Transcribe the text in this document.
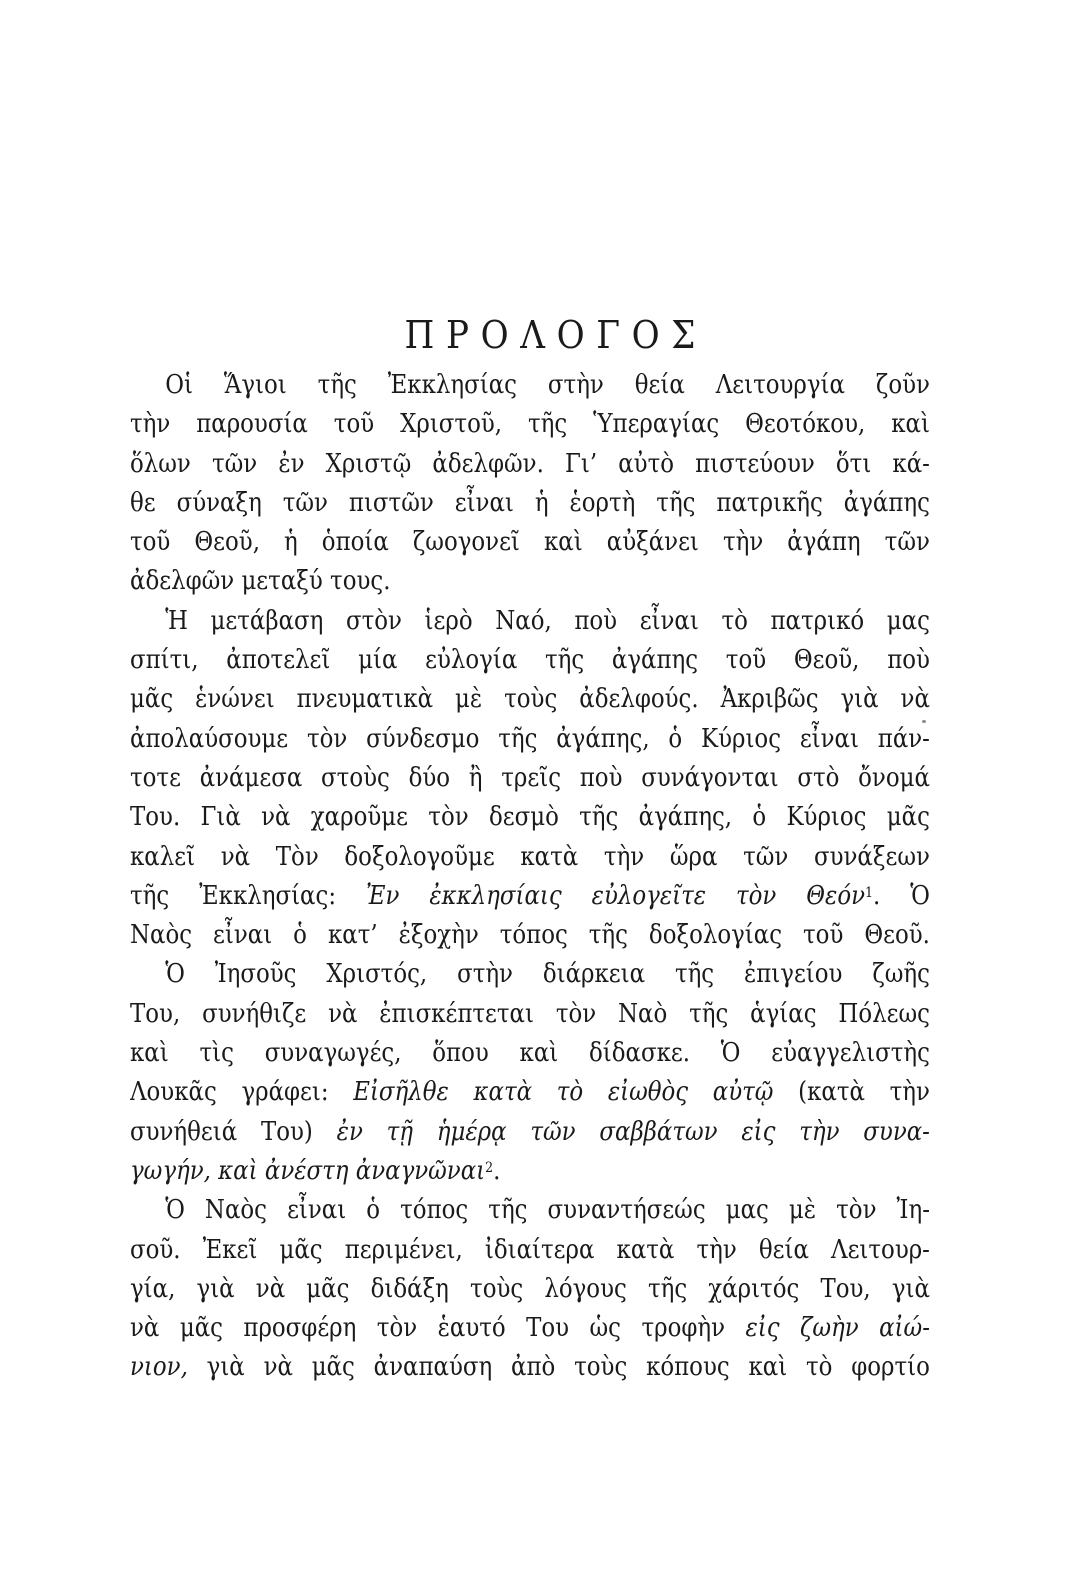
ΠΡΟΛΟΓΟΣ
Οἱ Ἅγιοι τῆς Ἐκκλησίας στὴν θεία Λειτουργία ζοῦν
τὴν παρουσία τοῦ Χριστοῦ, τῆς Ὑπεραγίας Θεοτόκου, καὶ
ὅλων τῶν ἐν Χριστῷ ἀδελφῶν. Γι’ αὐτὸ πιστεύουν ὅτι κά-
θε σύναξη τῶν πιστῶν εἶναι ἡ ἑορτὴ τῆς πατρικῆς ἀγάπης
τοῦ Θεοῦ, ἡ ὁποία ζωογονεῖ καὶ αὐξάνει τὴν ἀγάπη τῶν
ἀδελφῶν μεταξύ τους.
Ἡ μετάβαση στὸν ἱερὸ Ναό, ποὺ εἶναι τὸ πατρικό μας
σπίτι, ἀποτελεῖ μία εὐλογία τῆς ἀγάπης τοῦ Θεοῦ, ποὺ
μᾶς ἑνώνει πνευματικὰ μὲ τοὺς ἀδελφούς. Ἀκριβῶς γιὰ νὰ
ἀπολαύσουμε τὸν σύνδεσμο τῆς ἀγάπης, ὁ Κύριος εἶναι πάν-
τοτε ἀνάμεσα στοὺς δύο ἢ τρεῖς ποὺ συνάγονται στὸ ὄνομά
Του. Γιὰ νὰ χαροῦμε τὸν δεσμὸ τῆς ἀγάπης, ὁ Κύριος μᾶς
καλεῖ νὰ Τὸν δοξολογοῦμε κατὰ τὴν ὥρα τῶν συνάξεων
τῆς Ἐκκλησίας: Ἐν ἐκκλησίαις εὐλογεῖτε τὸν Θεόν$^1$. Ὁ
Ναὸς εἶναι ὁ κατ’ ἐξοχὴν τόπος τῆς δοξολογίας τοῦ Θεοῦ.
Ὁ Ἰησοῦς Χριστός, στὴν διάρκεια τῆς ἐπιγείου ζωῆς
Του, συνήθιζε νὰ ἐπισκέπτεται τὸν Ναὸ τῆς ἁγίας Πόλεως
καὶ τὶς συναγωγές, ὅπου καὶ δίδασκε. Ὁ εὐαγγελιστὴς
Λουκᾶς γράφει: Εἰσῆλθε κατὰ τὸ εἰωθὸς αὐτῷ (κατὰ τὴν
συνήθειά Του) ἐν τῇ ἡμέρᾳ τῶν σαββάτων εἰς τὴν συνα-
γωγήν, καὶ ἀνέστη ἀναγνῶναι$^2$.
Ὁ Ναὸς εἶναι ὁ τόπος τῆς συναντήσεώς μας μὲ τὸν Ἰη-
σοῦ. Ἐκεῖ μᾶς περιμένει, ἰδιαίτερα κατὰ τὴν θεία Λειτουρ-
γία, γιὰ νὰ μᾶς διδάξη τοὺς λόγους τῆς χάριτός Του, γιὰ
νὰ μᾶς προσφέρη τὸν ἑαυτό Του ὡς τροφὴν εἰς ζωὴν αἰώ-
νιον, γιὰ νὰ μᾶς ἀναπαύση ἀπὸ τοὺς κόπους καὶ τὸ φορτίο
